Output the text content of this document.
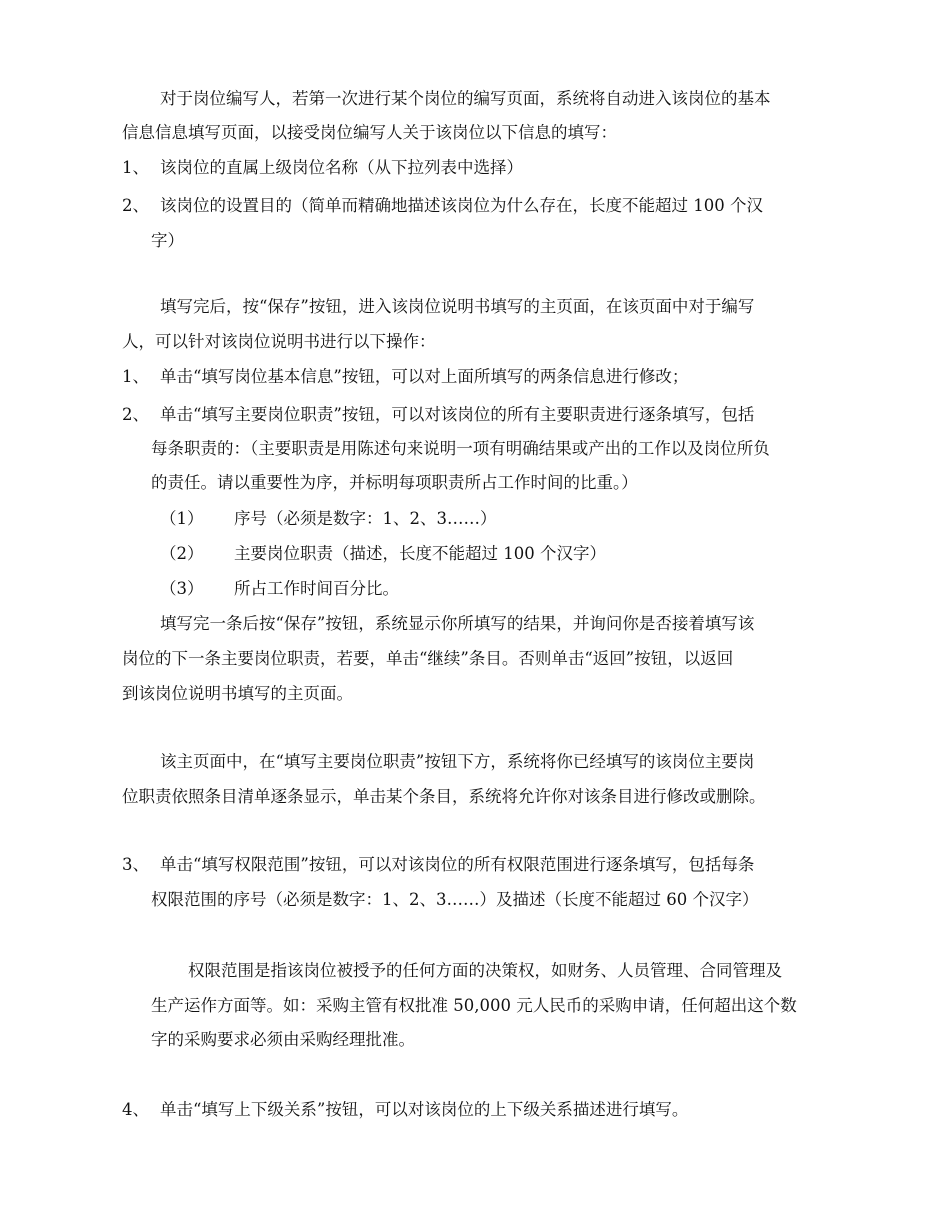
对于岗位编写人，若第一次进行某个岗位的编写页面，系统将自动进入该岗位的基本
信息信息填写页面，以接受岗位编写人关于该岗位以下信息的填写：
1、 该岗位的直属上级岗位名称（从下拉列表中选择）
2、 该岗位的设置目的（简单而精确地描述该岗位为什么存在，长度不能超过 100 个汉
字）
填写完后，按“保存”按钮，进入该岗位说明书填写的主页面，在该页面中对于编写
人，可以针对该岗位说明书进行以下操作：
1、 单击“填写岗位基本信息”按钮，可以对上面所填写的两条信息进行修改；
2、 单击“填写主要岗位职责”按钮，可以对该岗位的所有主要职责进行逐条填写，包括
每条职责的：（主要职责是用陈述句来说明一项有明确结果或产出的工作以及岗位所负
的责任。请以重要性为序，并标明每项职责所占工作时间的比重。）
（1） 序号（必须是数字：1、2、3……）
（2） 主要岗位职责（描述，长度不能超过 100 个汉字）
（3） 所占工作时间百分比。
填写完一条后按“保存”按钮，系统显示你所填写的结果，并询问你是否接着填写该
岗位的下一条主要岗位职责，若要，单击“继续”条目。否则单击“返回”按钮，以返回
到该岗位说明书填写的主页面。
该主页面中，在“填写主要岗位职责”按钮下方，系统将你已经填写的该岗位主要岗
位职责依照条目清单逐条显示，单击某个条目，系统将允许你对该条目进行修改或删除。
3、 单击“填写权限范围”按钮，可以对该岗位的所有权限范围进行逐条填写，包括每条
权限范围的序号（必须是数字：1、2、3……）及描述（长度不能超过 60 个汉字）
权限范围是指该岗位被授予的任何方面的决策权，如财务、人员管理、合同管理及
生产运作方面等。如：采购主管有权批准 50,000 元人民币的采购申请，任何超出这个数
字的采购要求必须由采购经理批准。
4、 单击“填写上下级关系”按钮，可以对该岗位的上下级关系描述进行填写。
